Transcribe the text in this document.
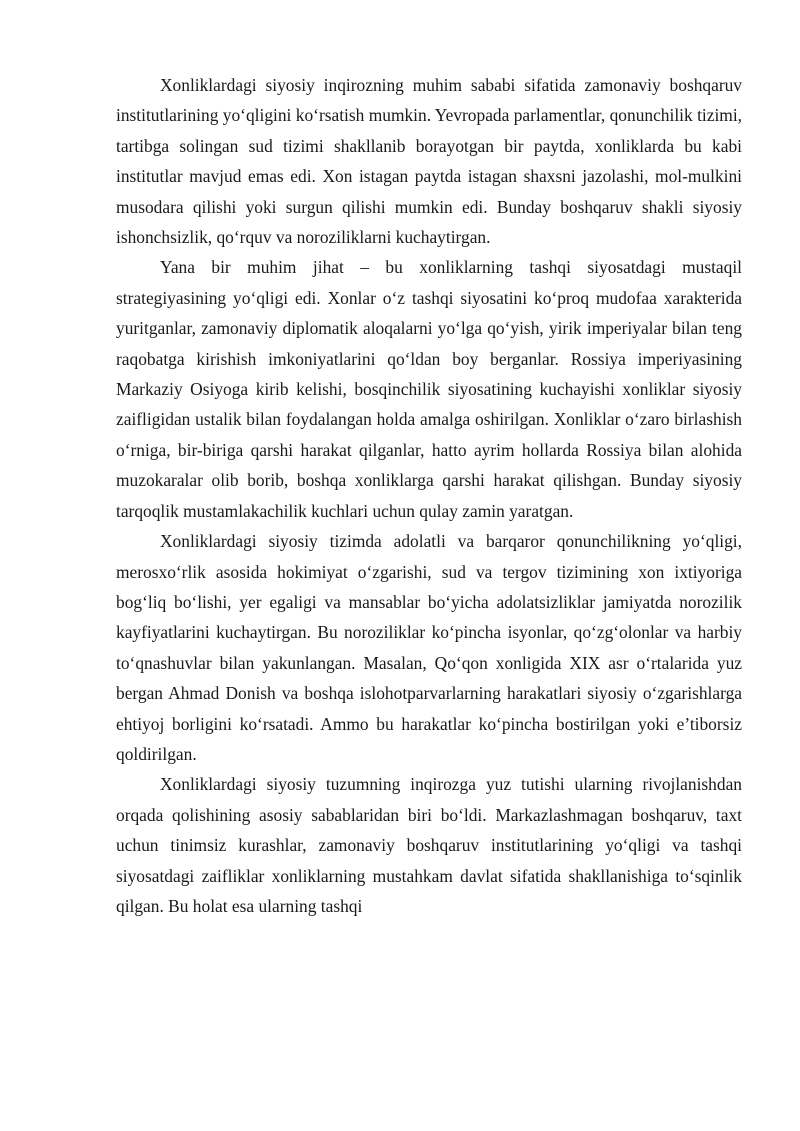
Xonliklardagi siyosiy inqirozning muhim sababi sifatida zamonaviy boshqaruv institutlarining yoʻqligini koʻrsatish mumkin. Yevropada parlamentlar, qonunchilik tizimi, tartibga solingan sud tizimi shakllanib borayotgan bir paytda, xonliklarda bu kabi institutlar mavjud emas edi. Xon istagan paytda istagan shaxsni jazolashi, mol-mulkini musodara qilishi yoki surgun qilishi mumkin edi. Bunday boshqaruv shakli siyosiy ishonchsizlik, qoʻrquv va noroziliklarni kuchaytirgan.

Yana bir muhim jihat – bu xonliklarning tashqi siyosatdagi mustaqil strategiyasining yoʻqligi edi. Xonlar oʻz tashqi siyosatini koʻproq mudofaa xarakterida yuritganlar, zamonaviy diplomatik aloqalarni yoʻlga qoʻyish, yirik imperiyalar bilan teng raqobatga kirishish imkoniyatlarini qoʻldan boy berganlar. Rossiya imperiyasining Markaziy Osiyoga kirib kelishi, bosqinchilik siyosatining kuchayishi xonliklar siyosiy zaifligidan ustalik bilan foydalangan holda amalga oshirilgan. Xonliklar oʻzaro birlashish oʻrniga, bir-biriga qarshi harakat qilganlar, hatto ayrim hollarda Rossiya bilan alohida muzokaralar olib borib, boshqa xonliklarga qarshi harakat qilishgan. Bunday siyosiy tarqoqlik mustamlakachilik kuchlari uchun qulay zamin yaratgan.

Xonliklardagi siyosiy tizimda adolatli va barqaror qonunchilikning yoʻqligi, merosxoʻrlik asosida hokimiyat oʻzgarishi, sud va tergov tizimining xon ixtiyoriga bogʻliq boʻlishi, yer egaligi va mansablar boʻyicha adolatsizliklar jamiyatda norozilik kayfiyatlarini kuchaytirgan. Bu noroziliklar koʻpincha isyonlar, qoʻzgʻolonlar va harbiy toʻqnashuvlar bilan yakunlangan. Masalan, Qoʻqon xonligida XIX asr oʻrtalarida yuz bergan Ahmad Donish va boshqa islohotparvarlarning harakatlari siyosiy oʻzgarishlarga ehtiyoj borligini koʻrsatadi. Ammo bu harakatlar koʻpincha bostirilgan yoki e’tiborsiz qoldirilgan.

Xonliklardagi siyosiy tuzumning inqirozga yuz tutishi ularning rivojlanishdan orqada qolishining asosiy sabablaridan biri boʻldi. Markazlashmagan boshqaruv, taxt uchun tinimsiz kurashlar, zamonaviy boshqaruv institutlarining yoʻqligi va tashqi siyosatdagi zaifliklar xonliklarning mustahkam davlat sifatida shakllanishiga toʻsqinlik qilgan. Bu holat esa ularning tashqi
